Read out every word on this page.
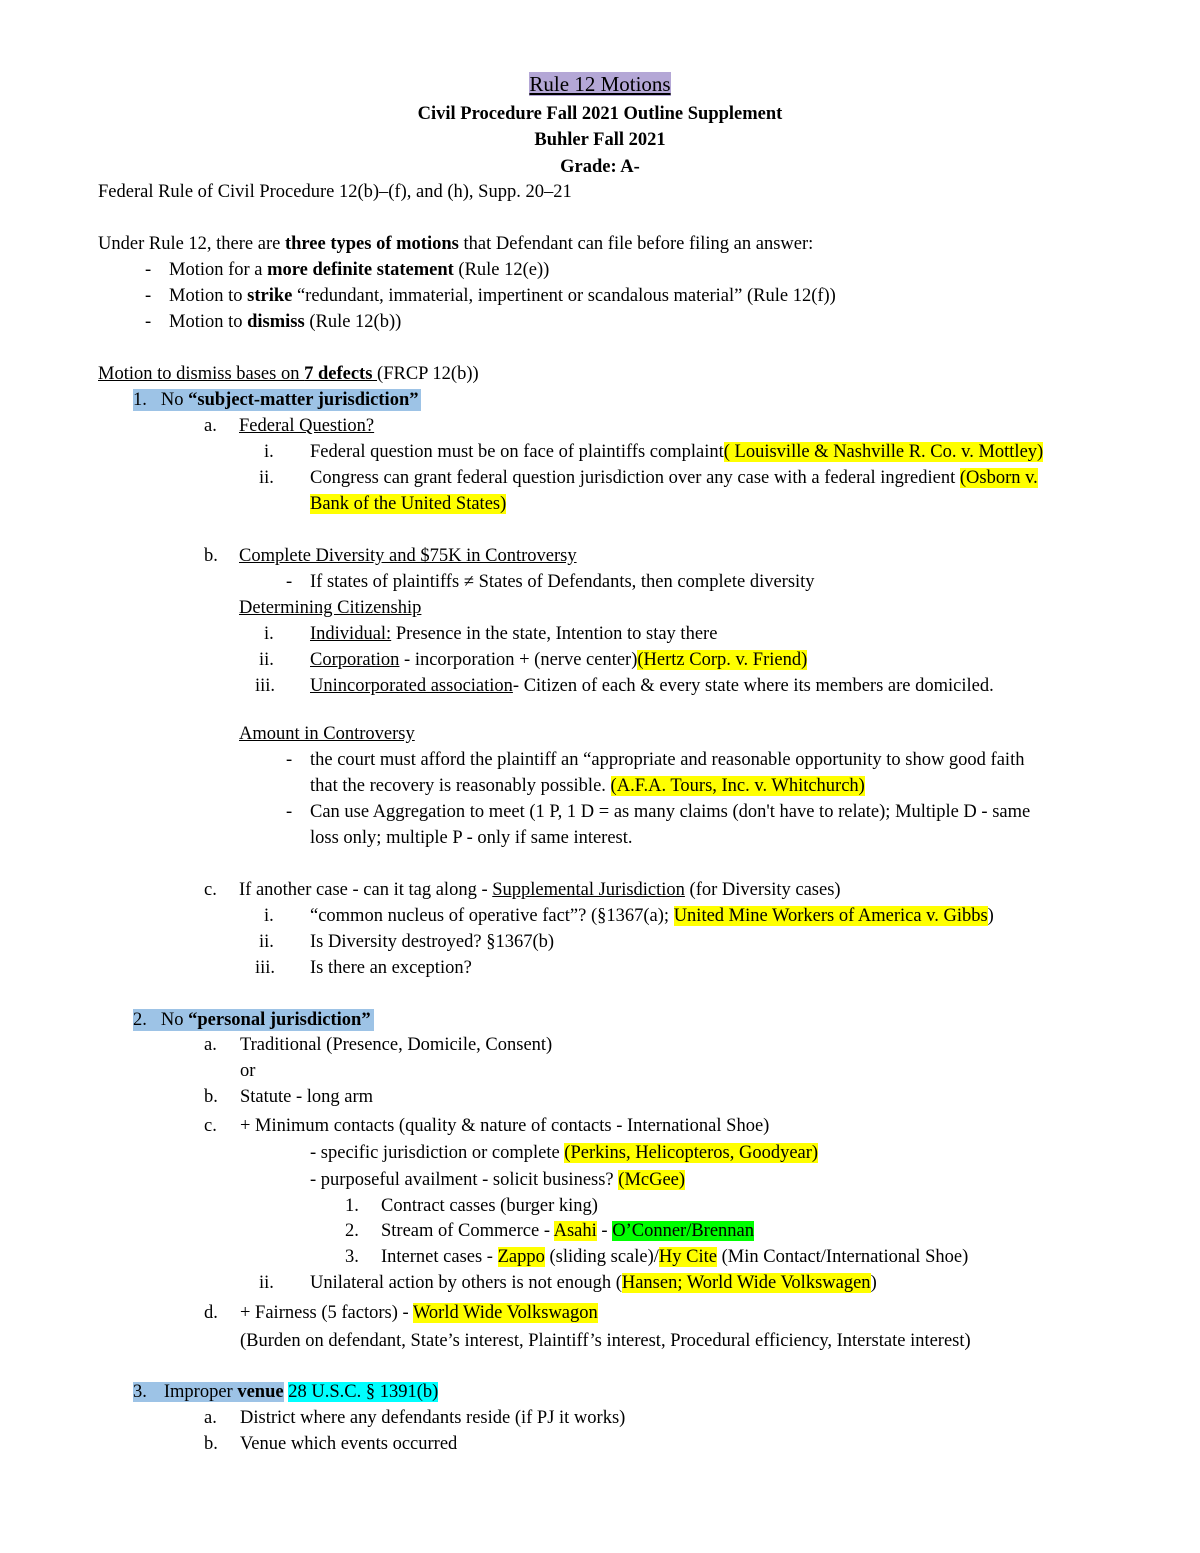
Rule 12 Motions
Civil Procedure Fall 2021 Outline Supplement
Buhler Fall 2021
Grade: A-
Federal Rule of Civil Procedure 12(b)–(f), and (h), Supp. 20–21
Under Rule 12, there are three types of motions that Defendant can file before filing an answer:
- Motion for a more definite statement (Rule 12(e))
- Motion to strike “redundant, immaterial, impertinent or scandalous material” (Rule 12(f))
- Motion to dismiss (Rule 12(b))
Motion to dismiss bases on 7 defects (FRCP 12(b))
1. No “subject-matter jurisdiction”
a. Federal Question?
i. Federal question must be on face of plaintiffs complaint( Louisville & Nashville R. Co. v. Mottley)
ii. Congress can grant federal question jurisdiction over any case with a federal ingredient (Osborn v.
Bank of the United States)
b. Complete Diversity and $75K in Controversy
- If states of plaintiffs ≠ States of Defendants, then complete diversity
Determining Citizenship
i. Individual: Presence in the state, Intention to stay there
ii. Corporation - incorporation + (nerve center)(Hertz Corp. v. Friend)
iii. Unincorporated association- Citizen of each & every state where its members are domiciled.
Amount in Controversy
- the court must afford the plaintiff an “appropriate and reasonable opportunity to show good faith
that the recovery is reasonably possible. (A.F.A. Tours, Inc. v. Whitchurch)
- Can use Aggregation to meet (1 P, 1 D = as many claims (don't have to relate); Multiple D - same
loss only; multiple P - only if same interest.
c. If another case - can it tag along - Supplemental Jurisdiction (for Diversity cases)
i. “common nucleus of operative fact”? (§1367(a); United Mine Workers of America v. Gibbs)
ii. Is Diversity destroyed? §1367(b)
iii. Is there an exception?
2. No “personal jurisdiction”
a. Traditional (Presence, Domicile, Consent)
or
b. Statute - long arm
c. + Minimum contacts (quality & nature of contacts - International Shoe)
- specific jurisdiction or complete (Perkins, Helicopteros, Goodyear)
- purposeful availment - solicit business? (McGee)
1. Contract casses (burger king)
2. Stream of Commerce - Asahi - O’Conner/Brennan
3. Internet cases - Zappo (sliding scale)/Hy Cite (Min Contact/International Shoe)
ii. Unilateral action by others is not enough (Hansen; World Wide Volkswagen)
d. + Fairness (5 factors) - World Wide Volkswagon
(Burden on defendant, State’s interest, Plaintiff’s interest, Procedural efficiency, Interstate interest)
3. Improper venue 28 U.S.C. § 1391(b)
a. District where any defendants reside (if PJ it works)
b. Venue which events occurred
